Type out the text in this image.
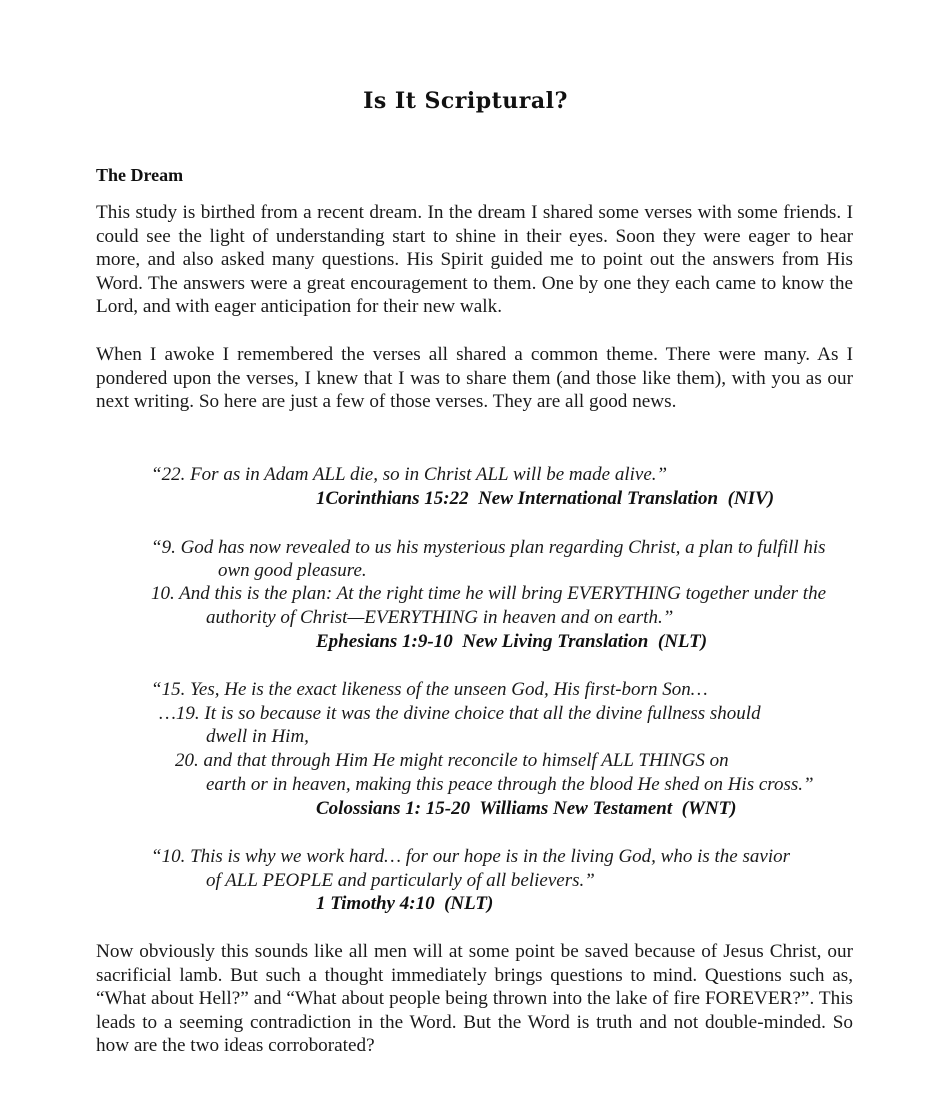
Is It Scriptural?
The Dream
This study is birthed from a recent dream. In the dream I shared some verses with some friends. I could see the light of understanding start to shine in their eyes. Soon they were eager to hear more, and also asked many questions. His Spirit guided me to point out the answers from His Word. The answers were a great encouragement to them. One by one they each came to know the Lord, and with eager anticipation for their new walk.
When I awoke I remembered the verses all shared a common theme. There were many. As I pondered upon the verses, I knew that I was to share them (and those like them), with you as our next writing. So here are just a few of those verses. They are all good news.
“22. For as in Adam ALL die, so in Christ ALL will be made alive.”
1Corinthians 15:22  New International Translation  (NIV)
“9. God has now revealed to us his mysterious plan regarding Christ, a plan to fulfill his
own good pleasure.
10. And this is the plan: At the right time he will bring EVERYTHING together under the
authority of Christ—EVERYTHING in heaven and on earth.”
Ephesians 1:9-10  New Living Translation  (NLT)
“15. Yes, He is the exact likeness of the unseen God, His first-born Son…
…19. It is so because it was the divine choice that all the divine fullness should
dwell in Him,
20. and that through Him He might reconcile to himself ALL THINGS on
earth or in heaven, making this peace through the blood He shed on His cross.”
Colossians 1: 15-20  Williams New Testament  (WNT)
“10. This is why we work hard… for our hope is in the living God, who is the savior
of ALL PEOPLE and particularly of all believers.”
1 Timothy 4:10  (NLT)
Now obviously this sounds like all men will at some point be saved because of Jesus Christ, our sacrificial lamb. But such a thought immediately brings questions to mind. Questions such as, “What about Hell?” and “What about people being thrown into the lake of fire FOREVER?”. This leads to a seeming contradiction in the Word. But the Word is truth and not double-minded. So how are the two ideas corroborated?
